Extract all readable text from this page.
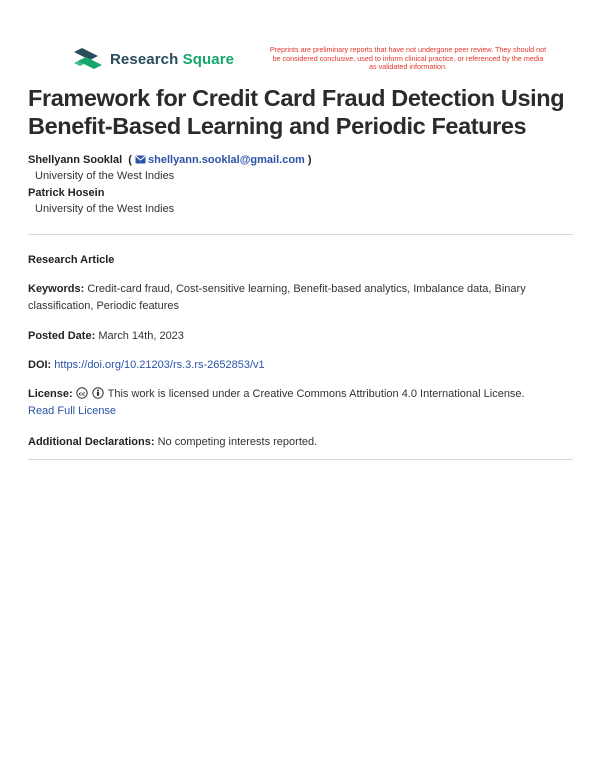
Research Square
Preprints are preliminary reports that have not undergone peer review. They should not be considered conclusive, used to inform clinical practice, or referenced by the media as validated information.
Framework for Credit Card Fraud Detection Using Benefit-Based Learning and Periodic Features
Shellyann Sooklal ( shellyann.sooklal@gmail.com )
University of the West Indies
Patrick Hosein
University of the West Indies
Research Article
Keywords: Credit-card fraud, Cost-sensitive learning, Benefit-based analytics, Imbalance data, Binary classification, Periodic features
Posted Date: March 14th, 2023
DOI: https://doi.org/10.21203/rs.3.rs-2652853/v1
License: cc This work is licensed under a Creative Commons Attribution 4.0 International License.
Read Full License
Additional Declarations: No competing interests reported.
